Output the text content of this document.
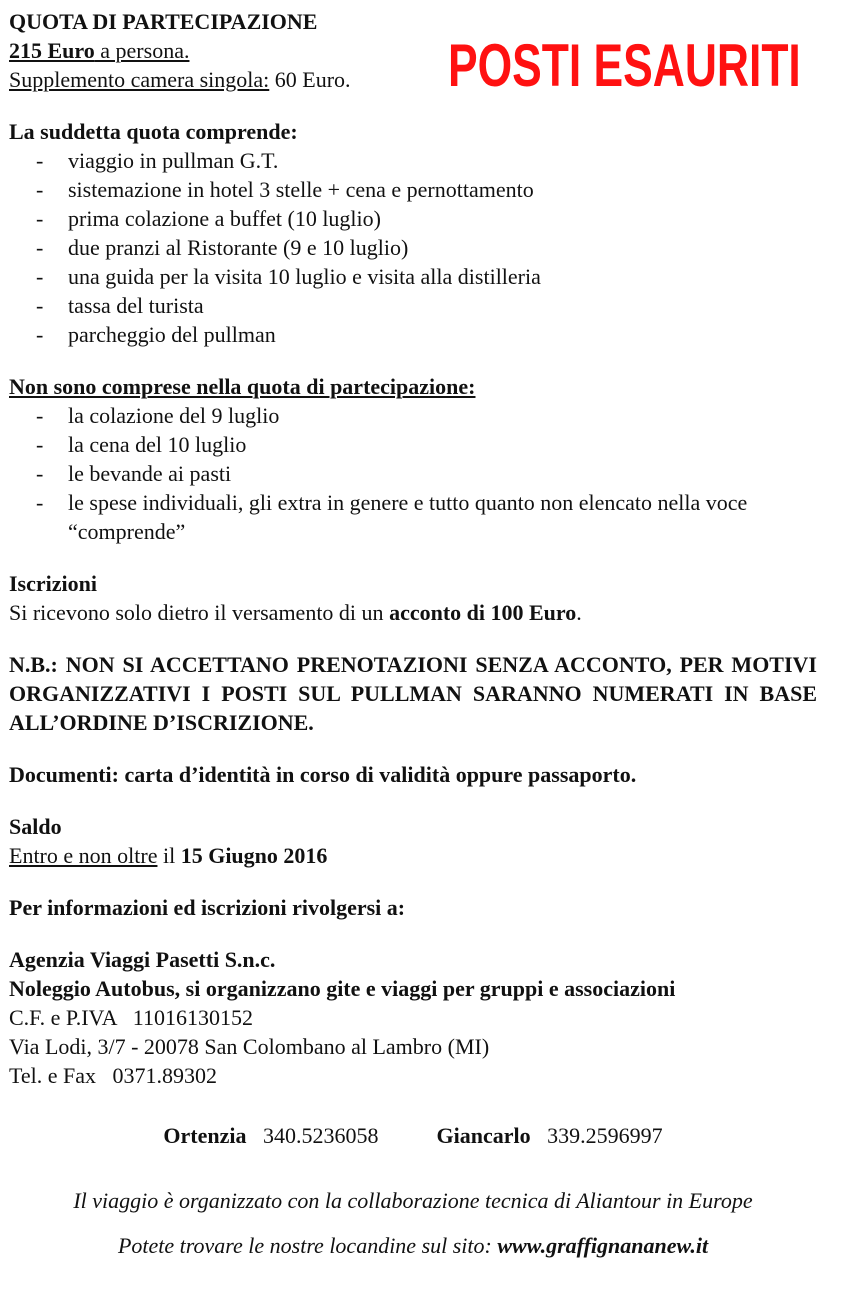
POSTI ESAURITI
QUOTA DI PARTECIPAZIONE
215 Euro a persona.
Supplemento camera singola: 60 Euro.
La suddetta quota comprende:
- viaggio in pullman G.T.
- sistemazione in hotel 3 stelle + cena e pernottamento
- prima colazione a buffet (10 luglio)
- due pranzi al Ristorante (9 e 10 luglio)
- una guida per la visita 10 luglio e visita alla distilleria
- tassa del turista
- parcheggio del pullman
Non sono comprese nella quota di partecipazione:
- la colazione del 9 luglio
- la cena del 10 luglio
- le bevande ai pasti
- le spese individuali, gli extra in genere e tutto quanto non elencato nella voce “comprende”
Iscrizioni
Si ricevono solo dietro il versamento di un acconto di 100 Euro.
N.B.: NON SI ACCETTANO PRENOTAZIONI SENZA ACCONTO, PER MOTIVI ORGANIZZATIVI I POSTI SUL PULLMAN SARANNO NUMERATI IN BASE ALL’ORDINE D’ISCRIZIONE.
Documenti: carta d’identità in corso di validità oppure passaporto.
Saldo
Entro e non oltre il 15 Giugno 2016
Per informazioni ed iscrizioni rivolgersi a:
Agenzia Viaggi Pasetti S.n.c.
Noleggio Autobus, si organizzano gite e viaggi per gruppi e associazioni
C.F. e P.IVA   11016130152
Via Lodi, 3/7 - 20078 San Colombano al Lambro (MI)
Tel. e Fax   0371.89302
Ortenzia 340.5236058	Giancarlo 339.2596997
Il viaggio è organizzato con la collaborazione tecnica di Aliantour in Europe
Potete trovare le nostre locandine sul sito: www.graffignananew.it
